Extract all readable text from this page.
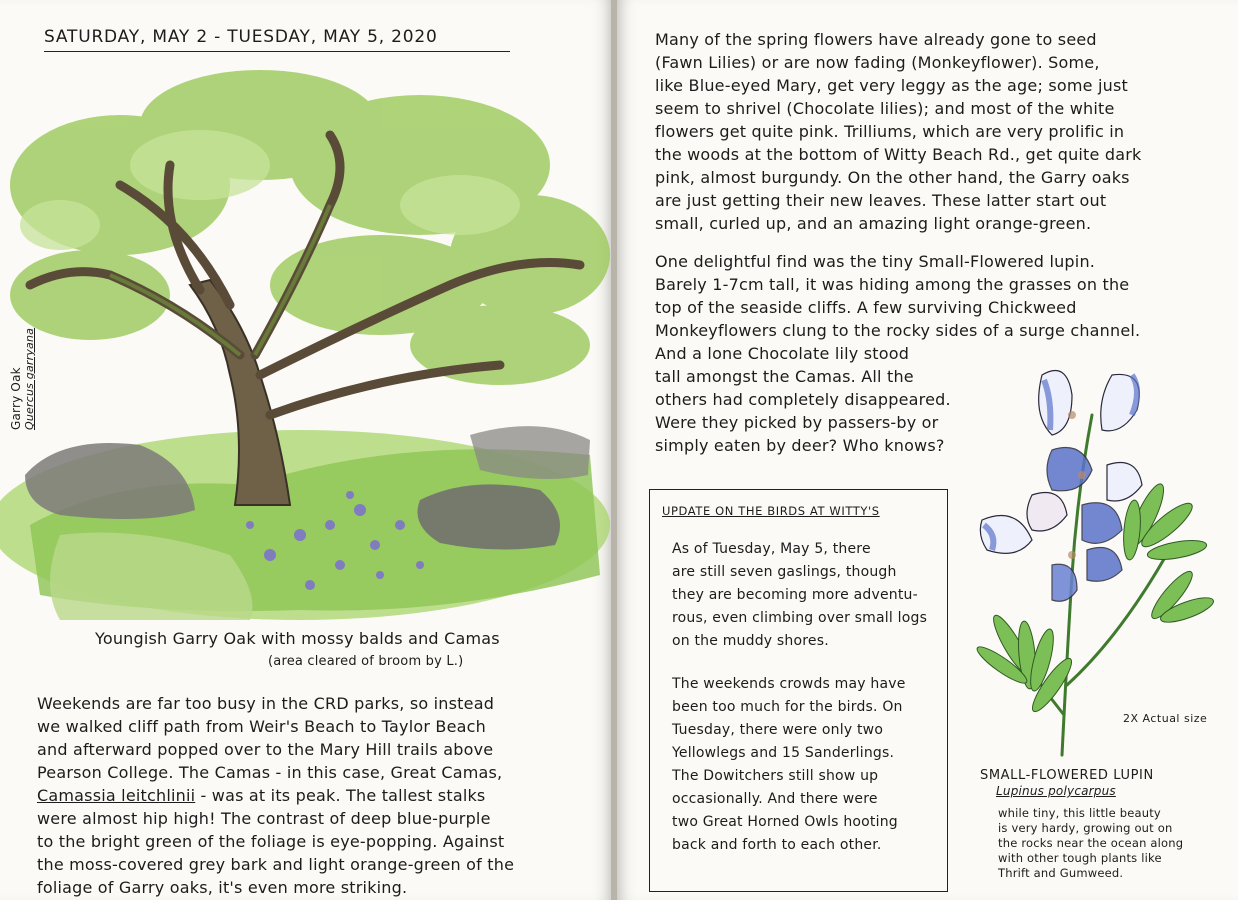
SATURDAY, MAY 2 - TUESDAY, MAY 5, 2020
Garry Oak Quercus garryana
Youngish Garry Oak with mossy balds and Camas
(area cleared of broom by L.)
Weekends are far too busy in the CRD parks, so instead
we walked cliff path from Weir's Beach to Taylor Beach
and afterward popped over to the Mary Hill trails above
Pearson College. The Camas - in this case, Great Camas,
Camassia leitchlinii - was at its peak. The tallest stalks
were almost hip high! The contrast of deep blue-purple
to the bright green of the foliage is eye-popping. Against
the moss-covered grey bark and light orange-green of the
foliage of Garry oaks, it's even more striking.
Many of the spring flowers have already gone to seed
(Fawn Lilies) or are now fading (Monkeyflower). Some,
like Blue-eyed Mary, get very leggy as the age; some just
seem to shrivel (Chocolate lilies); and most of the white
flowers get quite pink. Trilliums, which are very prolific in
the woods at the bottom of Witty Beach Rd., get quite dark
pink, almost burgundy. On the other hand, the Garry oaks
are just getting their new leaves. These latter start out
small, curled up, and an amazing light orange-green.
One delightful find was the tiny Small-Flowered lupin.
Barely 1-7cm tall, it was hiding among the grasses on the
top of the seaside cliffs. A few surviving Chickweed
Monkeyflowers clung to the rocky sides of a surge channel.
And a lone Chocolate lily stood
tall amongst the Camas. All the
others had completely disappeared.
Were they picked by passers-by or
simply eaten by deer? Who knows?
UPDATE ON THE BIRDS AT WITTY'S
As of Tuesday, May 5, there
are still seven gaslings, though
they are becoming more adventu-
rous, even climbing over small logs
on the muddy shores.
The weekends crowds may have
been too much for the birds. On
Tuesday, there were only two
Yellowlegs and 15 Sanderlings.
The Dowitchers still show up
occasionally. And there were
two Great Horned Owls hooting
back and forth to each other.
2X Actual size
SMALL-FLOWERED LUPIN
Lupinus polycarpus
while tiny, this little beauty
is very hardy, growing out on
the rocks near the ocean along
with other tough plants like
Thrift and Gumweed.
